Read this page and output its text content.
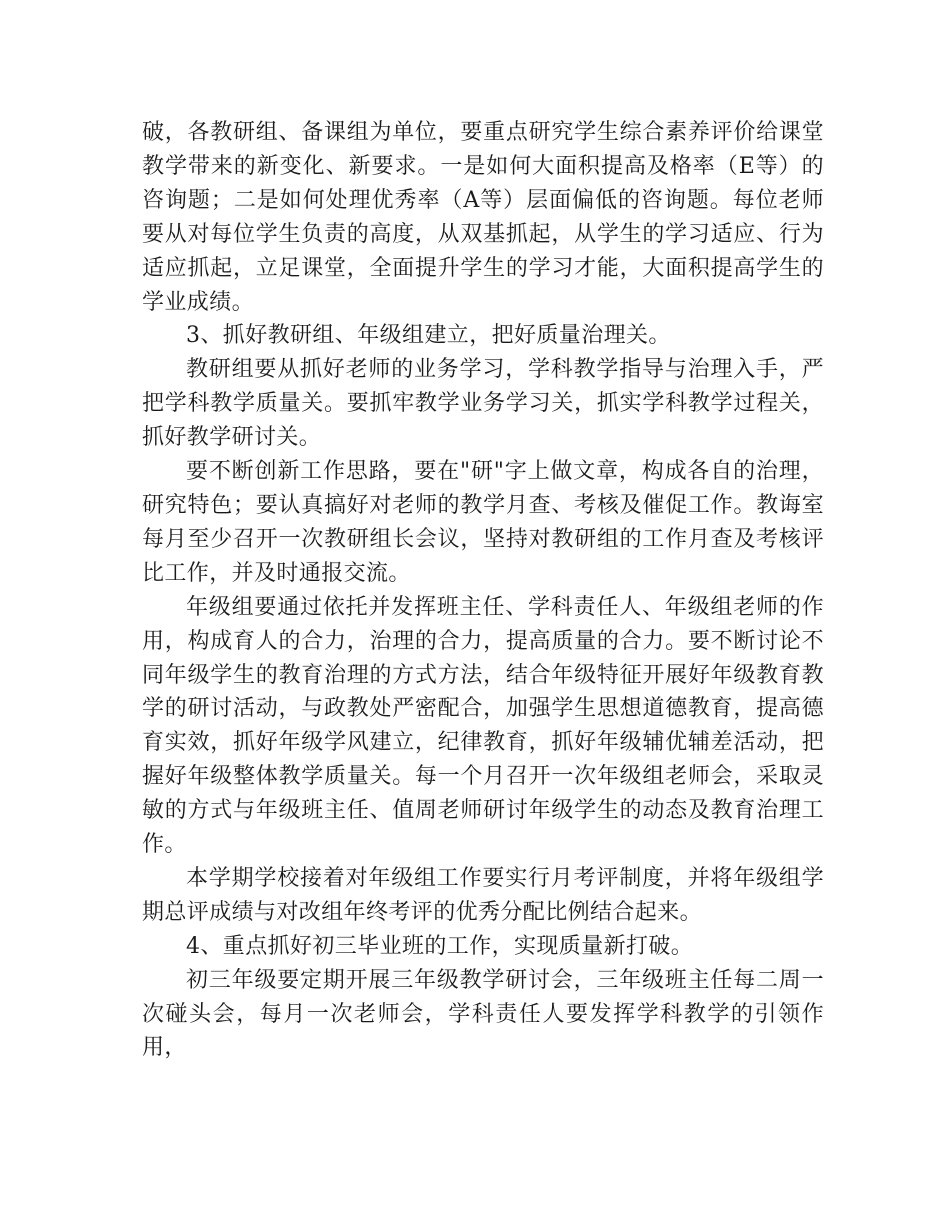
破，各教研组、备课组为单位，要重点研究学生综合素养评价给课堂教学带来的新变化、新要求。一是如何大面积提高及格率（E等）的咨询题；二是如何处理优秀率（A等）层面偏低的咨询题。每位老师要从对每位学生负责的高度，从双基抓起，从学生的学习适应、行为适应抓起，立足课堂，全面提升学生的学习才能，大面积提高学生的学业成绩。

3、抓好教研组、年级组建立，把好质量治理关。

教研组要从抓好老师的业务学习，学科教学指导与治理入手，严把学科教学质量关。要抓牢教学业务学习关，抓实学科教学过程关，抓好教学研讨关。

要不断创新工作思路，要在"研"字上做文章，构成各自的治理，研究特色；要认真搞好对老师的教学月查、考核及催促工作。教诲室每月至少召开一次教研组长会议，坚持对教研组的工作月查及考核评比工作，并及时通报交流。

年级组要通过依托并发挥班主任、学科责任人、年级组老师的作用，构成育人的合力，治理的合力，提高质量的合力。要不断讨论不同年级学生的教育治理的方式方法，结合年级特征开展好年级教育教学的研讨活动，与政教处严密配合，加强学生思想道德教育，提高德育实效，抓好年级学风建立，纪律教育，抓好年级辅优辅差活动，把握好年级整体教学质量关。每一个月召开一次年级组老师会，采取灵敏的方式与年级班主任、值周老师研讨年级学生的动态及教育治理工作。

本学期学校接着对年级组工作要实行月考评制度，并将年级组学期总评成绩与对改组年终考评的优秀分配比例结合起来。

4、重点抓好初三毕业班的工作，实现质量新打破。

初三年级要定期开展三年级教学研讨会，三年级班主任每二周一次碰头会，每月一次老师会，学科责任人要发挥学科教学的引领作用，
